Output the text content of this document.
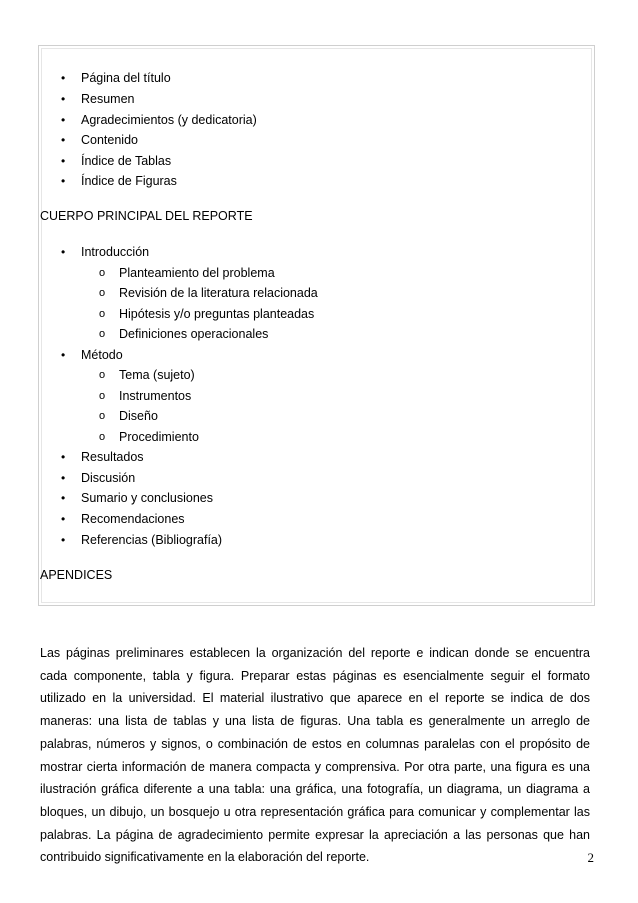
• Página del título
• Resumen
• Agradecimientos (y dedicatoria)
• Contenido
• Índice de Tablas
• Índice de Figuras
CUERPO PRINCIPAL DEL REPORTE
• Introducción
o Planteamiento del problema
o Revisión de la literatura relacionada
o Hipótesis y/o preguntas planteadas
o Definiciones operacionales
• Método
o Tema (sujeto)
o Instrumentos
o Diseño
o Procedimiento
• Resultados
• Discusión
• Sumario y conclusiones
• Recomendaciones
• Referencias (Bibliografía)
APENDICES

Las páginas preliminares establecen la organización del reporte e indican donde se encuentra cada componente, tabla y figura. Preparar estas páginas es esencialmente seguir el formato utilizado en la universidad. El material ilustrativo que aparece en el reporte se indica de dos maneras: una lista de tablas y una lista de figuras. Una tabla es generalmente un arreglo de palabras, números y signos, o combinación de estos en columnas paralelas con el propósito de mostrar cierta información de manera compacta y comprensiva. Por otra parte, una figura es una ilustración gráfica diferente a una tabla: una gráfica, una fotografía, un diagrama, un diagrama a bloques, un dibujo, un bosquejo u otra representación gráfica para comunicar y complementar las palabras. La página de agradecimiento permite expresar la apreciación a las personas que han contribuido significativamente en la elaboración del reporte.	2
